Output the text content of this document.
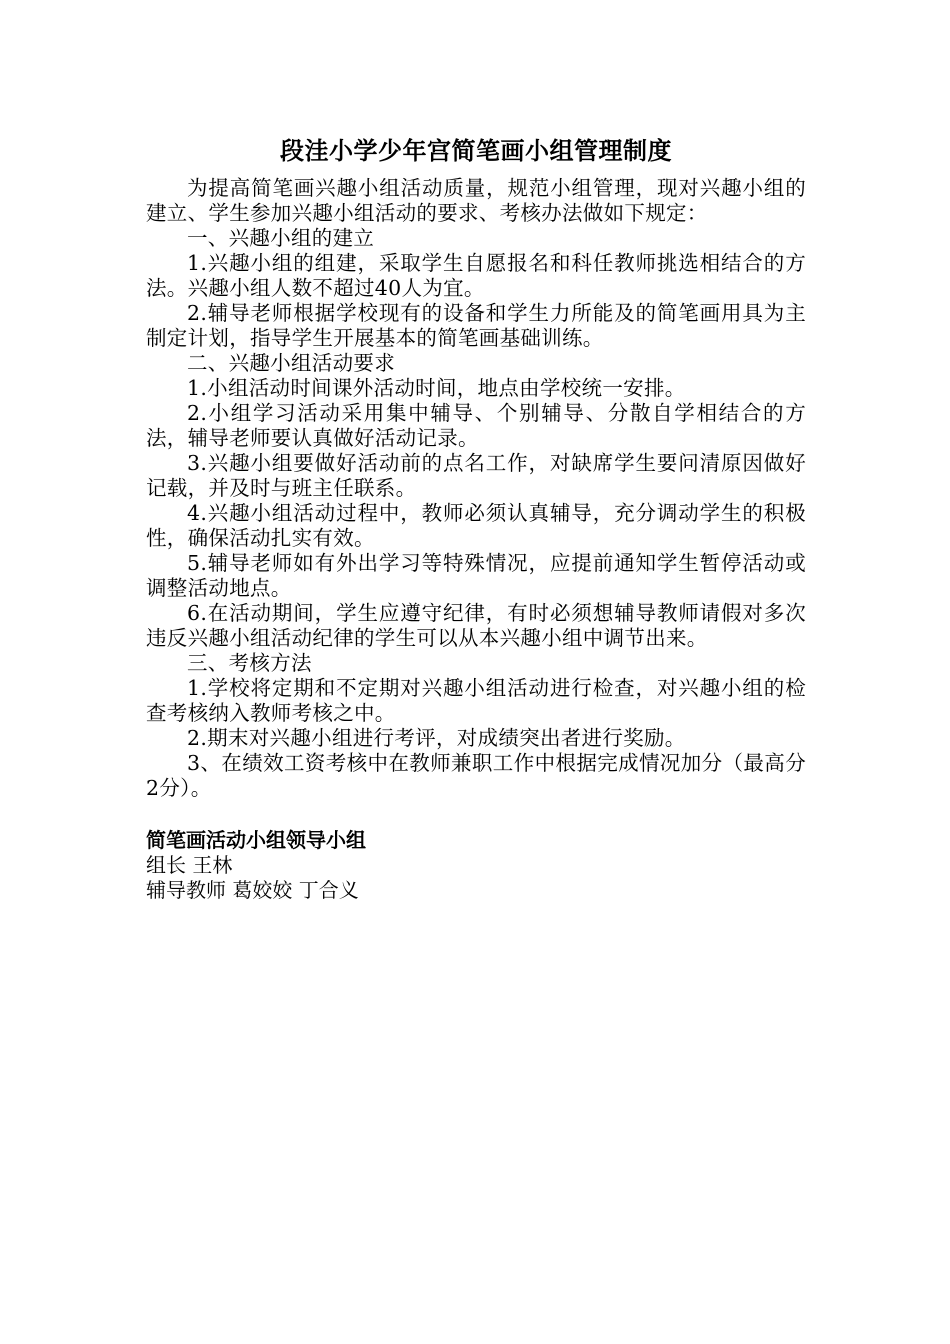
段洼小学少年宫简笔画小组管理制度

为提高简笔画兴趣小组活动质量，规范小组管理，现对兴趣小组的建立、学生参加兴趣小组活动的要求、考核办法做如下规定：

一、兴趣小组的建立

1.兴趣小组的组建，采取学生自愿报名和科任教师挑选相结合的方法。兴趣小组人数不超过40人为宜。

2.辅导老师根据学校现有的设备和学生力所能及的简笔画用具为主制定计划，指导学生开展基本的简笔画基础训练。

二、兴趣小组活动要求

1.小组活动时间课外活动时间，地点由学校统一安排。

2.小组学习活动采用集中辅导、个别辅导、分散自学相结合的方法，辅导老师要认真做好活动记录。

3.兴趣小组要做好活动前的点名工作，对缺席学生要问清原因做好记载，并及时与班主任联系。

4.兴趣小组活动过程中，教师必须认真辅导，充分调动学生的积极性，确保活动扎实有效。

5.辅导老师如有外出学习等特殊情况，应提前通知学生暂停活动或调整活动地点。

6.在活动期间，学生应遵守纪律，有时必须想辅导教师请假对多次违反兴趣小组活动纪律的学生可以从本兴趣小组中调节出来。

三、考核方法

1.学校将定期和不定期对兴趣小组活动进行检查，对兴趣小组的检查考核纳入教师考核之中。

2.期末对兴趣小组进行考评，对成绩突出者进行奖励。

3、在绩效工资考核中在教师兼职工作中根据完成情况加分（最高分2分）。

简笔画活动小组领导小组

组长 王林

辅导教师 葛姣姣 丁合义
